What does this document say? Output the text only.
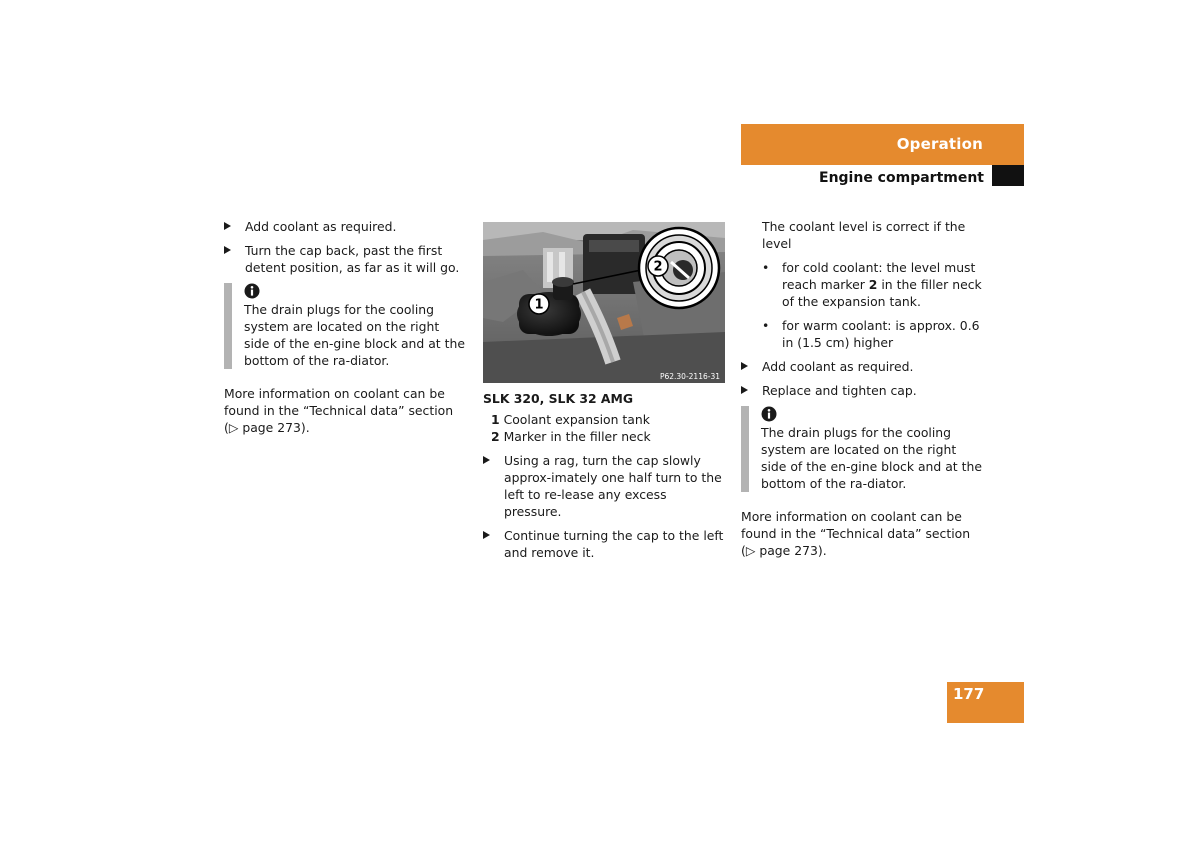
Operation
Engine compartment
Add coolant as required.
Turn the cap back, past the first detent position, as far as it will go.
The drain plugs for the cooling system are located on the right side of the en-gine block and at the bottom of the ra-diator.

More information on coolant can be found in the “Technical data” section
(▷ page 273).

2
1
P62.30-2116-31
SLK 320, SLK 32 AMG
1 Coolant expansion tank
2 Marker in the filler neck
Using a rag, turn the cap slowly approx-imately one half turn to the left to re-lease any excess pressure.
Continue turning the cap to the left and remove it.

The coolant level is correct if the level

• for cold coolant: the level must reach marker 2 in the filler neck of the expansion tank.
• for warm coolant: is approx. 0.6 in (1.5 cm) higher
Add coolant as required.
Replace and tighten cap.
The drain plugs for the cooling system are located on the right side of the en-gine block and at the bottom of the ra-diator.

More information on coolant can be found in the “Technical data” section
(▷ page 273).

177
